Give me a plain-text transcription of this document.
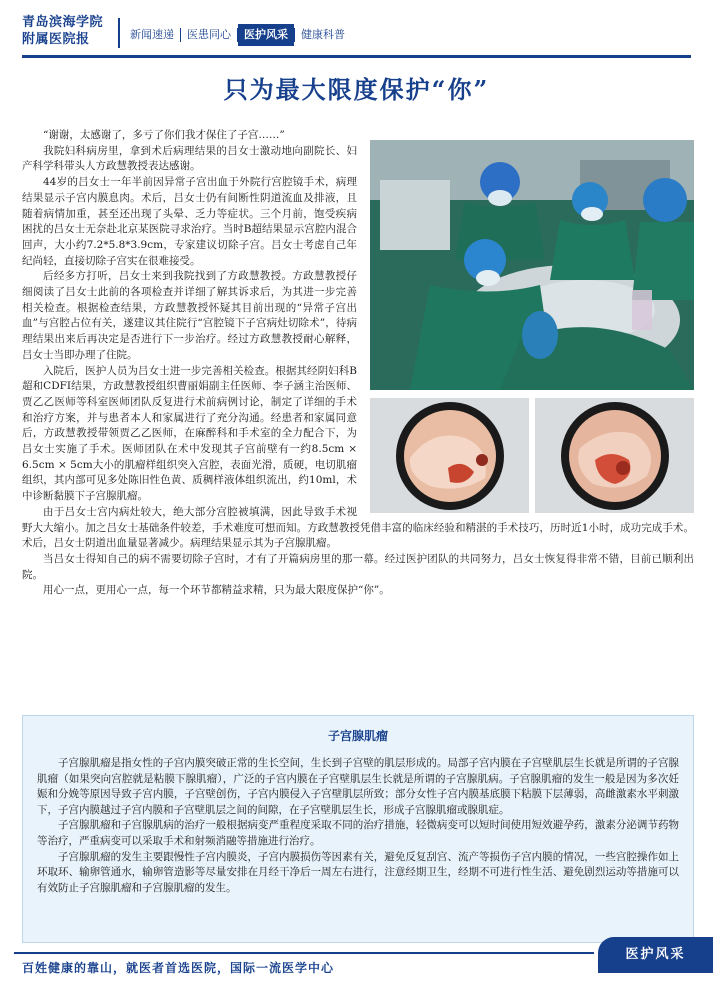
青岛滨海学院
附属医院报	新闻速递	医患同心	医护风采	健康科普
只为最大限度保护“你”

“谢谢，太感谢了，多亏了你们我才保住了子宫……”

我院妇科病房里，拿到术后病理结果的吕女士激动地向副院长、妇产科学科带头人方政慧教授表达感谢。

44岁的吕女士一年半前因异常子宫出血于外院行宫腔镜手术，病理结果显示子宫内膜息肉。术后，吕女士仍有间断性阴道流血及排液，且随着病情加重，甚至还出现了头晕、乏力等症状。三个月前，饱受疾病困扰的吕女士无奈赴北京某医院寻求治疗。当时B超结果显示宫腔内混合回声，大小约7.2*5.8*3.9cm，专家建议切除子宫。吕女士考虑自己年纪尚轻，直接切除子宫实在很难接受。

后经多方打听，吕女士来到我院找到了方政慧教授。方政慧教授仔细阅读了吕女士此前的各项检查并详细了解其诉求后，为其进一步完善相关检查。根据检查结果，方政慧教授怀疑其目前出现的“异常子宫出血”与宫腔占位有关，遂建议其住院行“宫腔镜下子宫病灶切除术”，待病理结果出来后再决定是否进行下一步治疗。经过方政慧教授耐心解释，吕女士当即办理了住院。

入院后，医护人员为吕女士进一步完善相关检查。根据其经阴妇科B超和CDFI结果，方政慧教授组织曹丽娟副主任医师、李子涵主治医师、贾乙乙医师等科室医师团队反复进行术前病例讨论，制定了详细的手术和治疗方案，并与患者本人和家属进行了充分沟通。经患者和家属同意后，方政慧教授带领贾乙乙医师，在麻醉科和手术室的全力配合下，为吕女士实施了手术。医师团队在术中发现其子宫前壁有一约8.5cm × 6.5cm × 5cm大小的肌瘤样组织突入宫腔，表面光滑，质硬，电切肌瘤组织，其内部可见多处陈旧性色黄、质稠样液体组织流出，约10ml，术中诊断黏膜下子宫腺肌瘤。

由于吕女士宫内病灶较大，绝大部分宫腔被填满，因此导致手术视野大大缩小。加之吕女士基础条件较差，手术难度可想而知。方政慧教授凭借丰富的临床经验和精湛的手术技巧，历时近1小时，成功完成手术。术后，吕女士阴道出血量显著减少。病理结果显示其为子宫腺肌瘤。

当吕女士得知自己的病不需要切除子宫时，才有了开篇病房里的那一幕。经过医护团队的共同努力，吕女士恢复得非常不错，目前已顺利出院。

用心一点，更用心一点，每一个环节都精益求精，只为最大限度保护“你”。

子宫腺肌瘤

子宫腺肌瘤是指女性的子宫内膜突破正常的生长空间，生长到子宫壁的肌层形成的。局部子宫内膜在子宫壁肌层生长就是所谓的子宫腺肌瘤（如果突向宫腔就是粘膜下腺肌瘤），广泛的子宫内膜在子宫壁肌层生长就是所谓的子宫腺肌病。子宫腺肌瘤的发生一般是因为多次妊娠和分娩等原因导致子宫内膜，子宫壁创伤，子宫内膜侵入子宫壁肌层所致；部分女性子宫内膜基底膜下粘膜下层薄弱，高雌激素水平刺激下，子宫内膜越过子宫内膜和子宫壁肌层之间的间隙，在子宫壁肌层生长，形成子宫腺肌瘤或腺肌症。

子宫腺肌瘤和子宫腺肌病的治疗一般根据病变严重程度采取不同的治疗措施，轻微病变可以短时间使用短效避孕药，激素分泌调节药物等治疗，严重病变可以采取手术和射频消融等措施进行治疗。

子宫腺肌瘤的发生主要跟慢性子宫内膜炎，子宫内膜损伤等因素有关，避免反复刮宫、流产等损伤子宫内膜的情况，一些宫腔操作如上环取环、输卵管通水，输卵管造影等尽量安排在月经干净后一周左右进行，注意经期卫生，经期不可进行性生活、避免剧烈运动等措施可以有效防止子宫腺肌瘤和子宫腺肌瘤的发生。

百姓健康的靠山，就医者首选医院，国际一流医学中心
医护风采
